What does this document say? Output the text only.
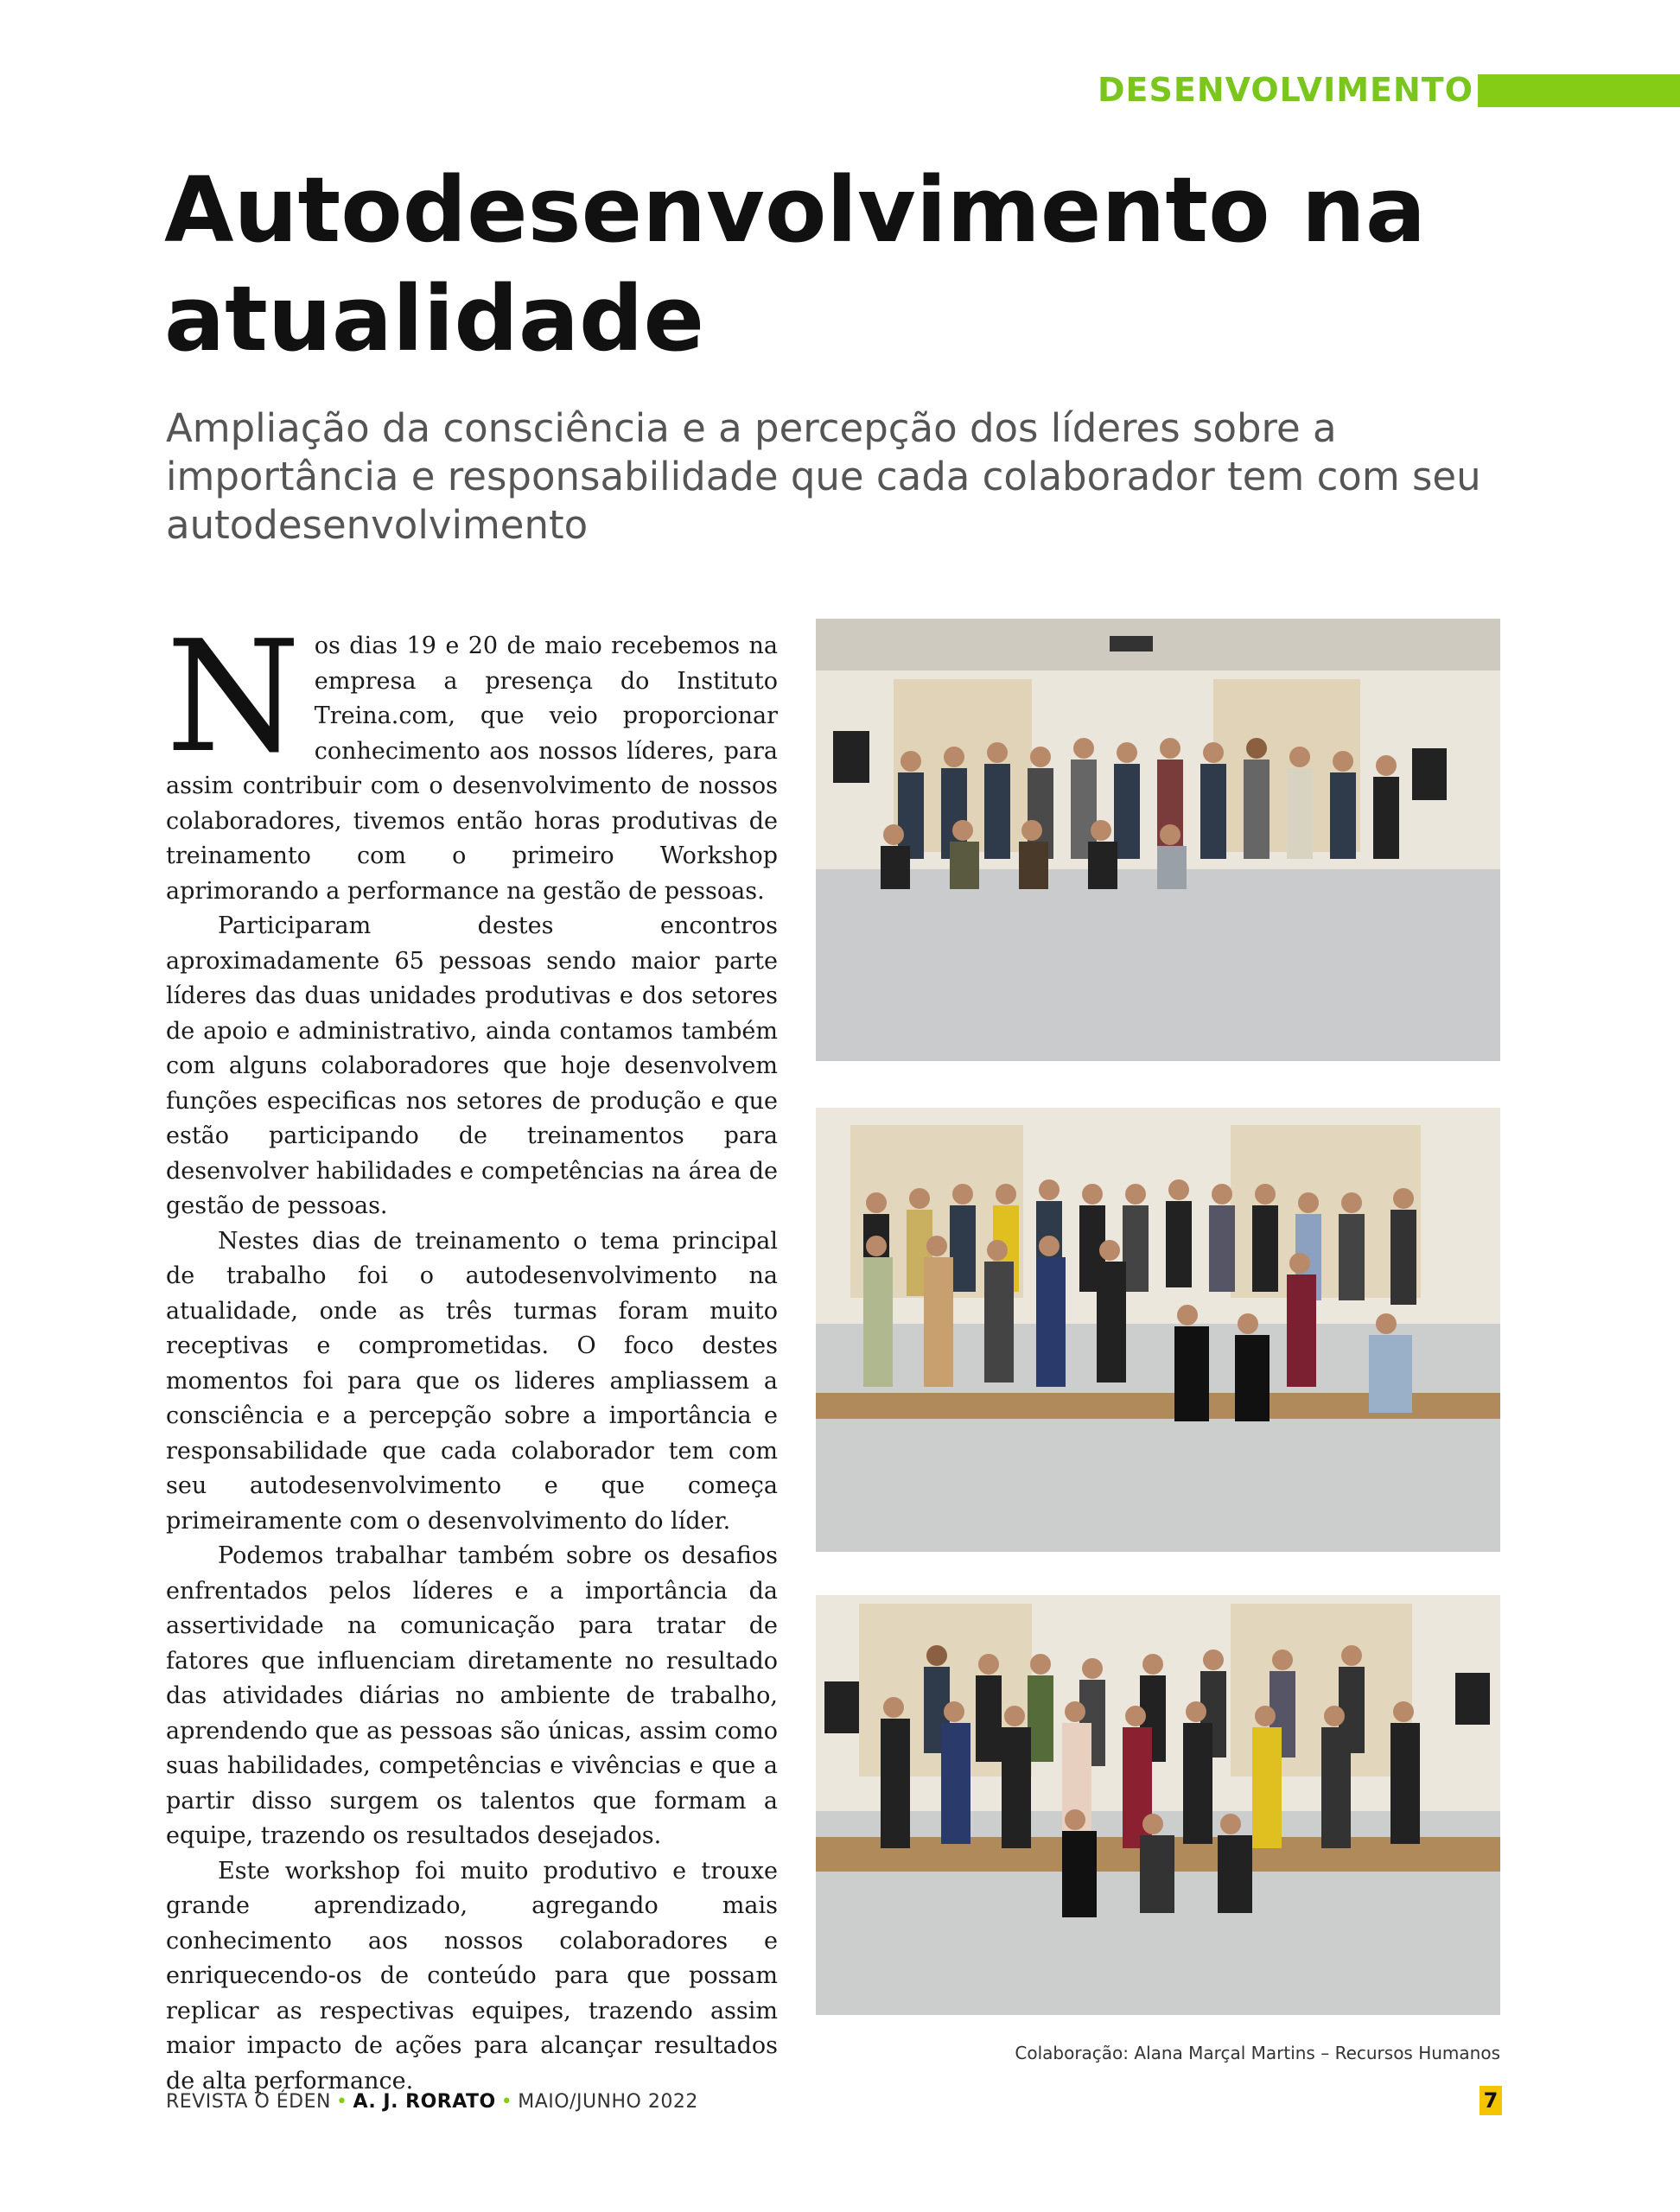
DESENVOLVIMENTO
Autodesenvolvimento na atualidade

Ampliação da consciência e a percepção dos líderes sobre a importância e responsabilidade que cada colaborador tem com seu autodesenvolvimento

Nos dias 19 e 20 de maio recebemos na empresa a presença do Instituto Treina.com, que veio proporcionar conhecimento aos nossos líderes, para assim contribuir com o desenvolvimento de nossos colaboradores, tivemos então horas produtivas de treinamento com o primeiro Workshop aprimorando a performance na gestão de pessoas.

Participaram destes encontros aproximadamente 65 pessoas sendo maior parte líderes das duas unidades produtivas e dos setores de apoio e administrativo, ainda contamos também com alguns colaboradores que hoje desenvolvem funções especificas nos setores de produção e que estão participando de treinamentos para desenvolver habilidades e competências na área de gestão de pessoas.

Nestes dias de treinamento o tema principal de trabalho foi o autodesenvolvimento na atualidade, onde as três turmas foram muito receptivas e comprometidas. O foco destes momentos foi para que os lideres ampliassem a consciência e a percepção sobre a importância e responsabilidade que cada colaborador tem com seu autodesenvolvimento e que começa primeiramente com o desenvolvimento do líder.

Podemos trabalhar também sobre os desafios enfrentados pelos líderes e a importância da assertividade na comunicação para tratar de fatores que influenciam diretamente no resultado das atividades diárias no ambiente de trabalho, aprendendo que as pessoas são únicas, assim como suas habilidades, competências e vivências e que a partir disso surgem os talentos que formam a equipe, trazendo os resultados desejados.

Este workshop foi muito produtivo e trouxe grande aprendizado, agregando mais conhecimento aos nossos colaboradores e enriquecendo-os de conteúdo para que possam replicar as respectivas equipes, trazendo assim maior impacto de ações para alcançar resultados de alta performance.

Colaboração: Alana Marçal Martins – Recursos Humanos
REVISTA O ÉDEN • A. J. RORATO • MAIO/JUNHO 2022	7
